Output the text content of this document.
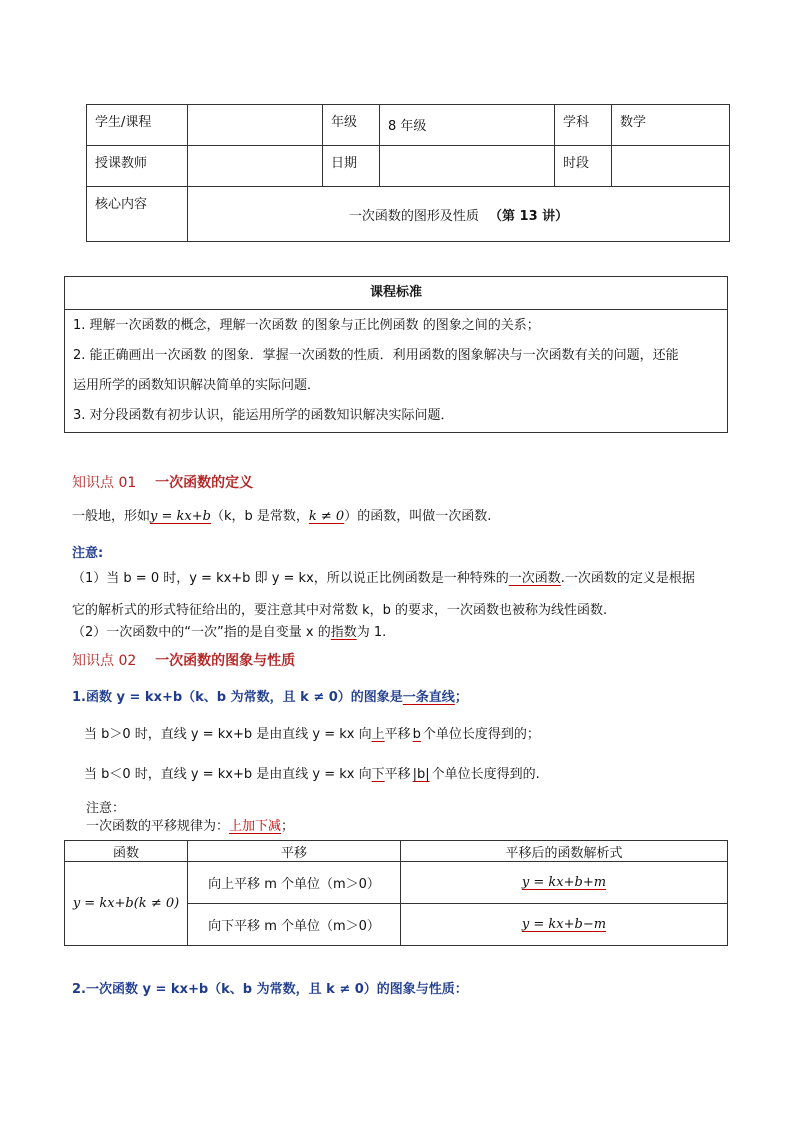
学生/课程		年级	8 年级	学科	数学
授课教师		日期		时段	
核心内容	一次函数的图形及性质 （第 13 讲）				
课程标准
1. 理解一次函数的概念，理解一次函数 的图象与正比例函数 的图象之间的关系；
2. 能正确画出一次函数 的图象．掌握一次函数的性质．利用函数的图象解决与一次函数有关的问题，还能
运用所学的函数知识解决简单的实际问题．
3. 对分段函数有初步认识，能运用所学的函数知识解决实际问题．
知识点 01 一次函数的定义
一般地，形如y = kx+b（k，b 是常数，k ≠ 0）的函数，叫做一次函数.
注意:
（1）当 b = 0 时，y = kx+b 即 y = kx，所以说正比例函数是一种特殊的一次函数.一次函数的定义是根据
它的解析式的形式特征给出的，要注意其中对常数 k，b 的要求，一次函数也被称为线性函数.
（2）一次函数中的“一次”指的是自变量 x 的指数为 1.
知识点 02 一次函数的图象与性质
1.函数 y = kx+b（k、b 为常数，且 k ≠ 0）的图象是一条直线；
当 b＞0 时，直线 y = kx+b 是由直线 y = kx 向上平移 b 个单位长度得到的；
当 b＜0 时，直线 y = kx+b 是由直线 y = kx 向下平移 |b| 个单位长度得到的.
注意：
一次函数的平移规律为：上加下减；
函数	平移	平移后的函数解析式
y = kx+b(k ≠ 0)	向上平移 m 个单位（m＞0）	y = kx+b+m
	向下平移 m 个单位（m＞0）	y = kx+b−m
2.一次函数 y = kx+b（k、b 为常数，且 k ≠ 0）的图象与性质：
